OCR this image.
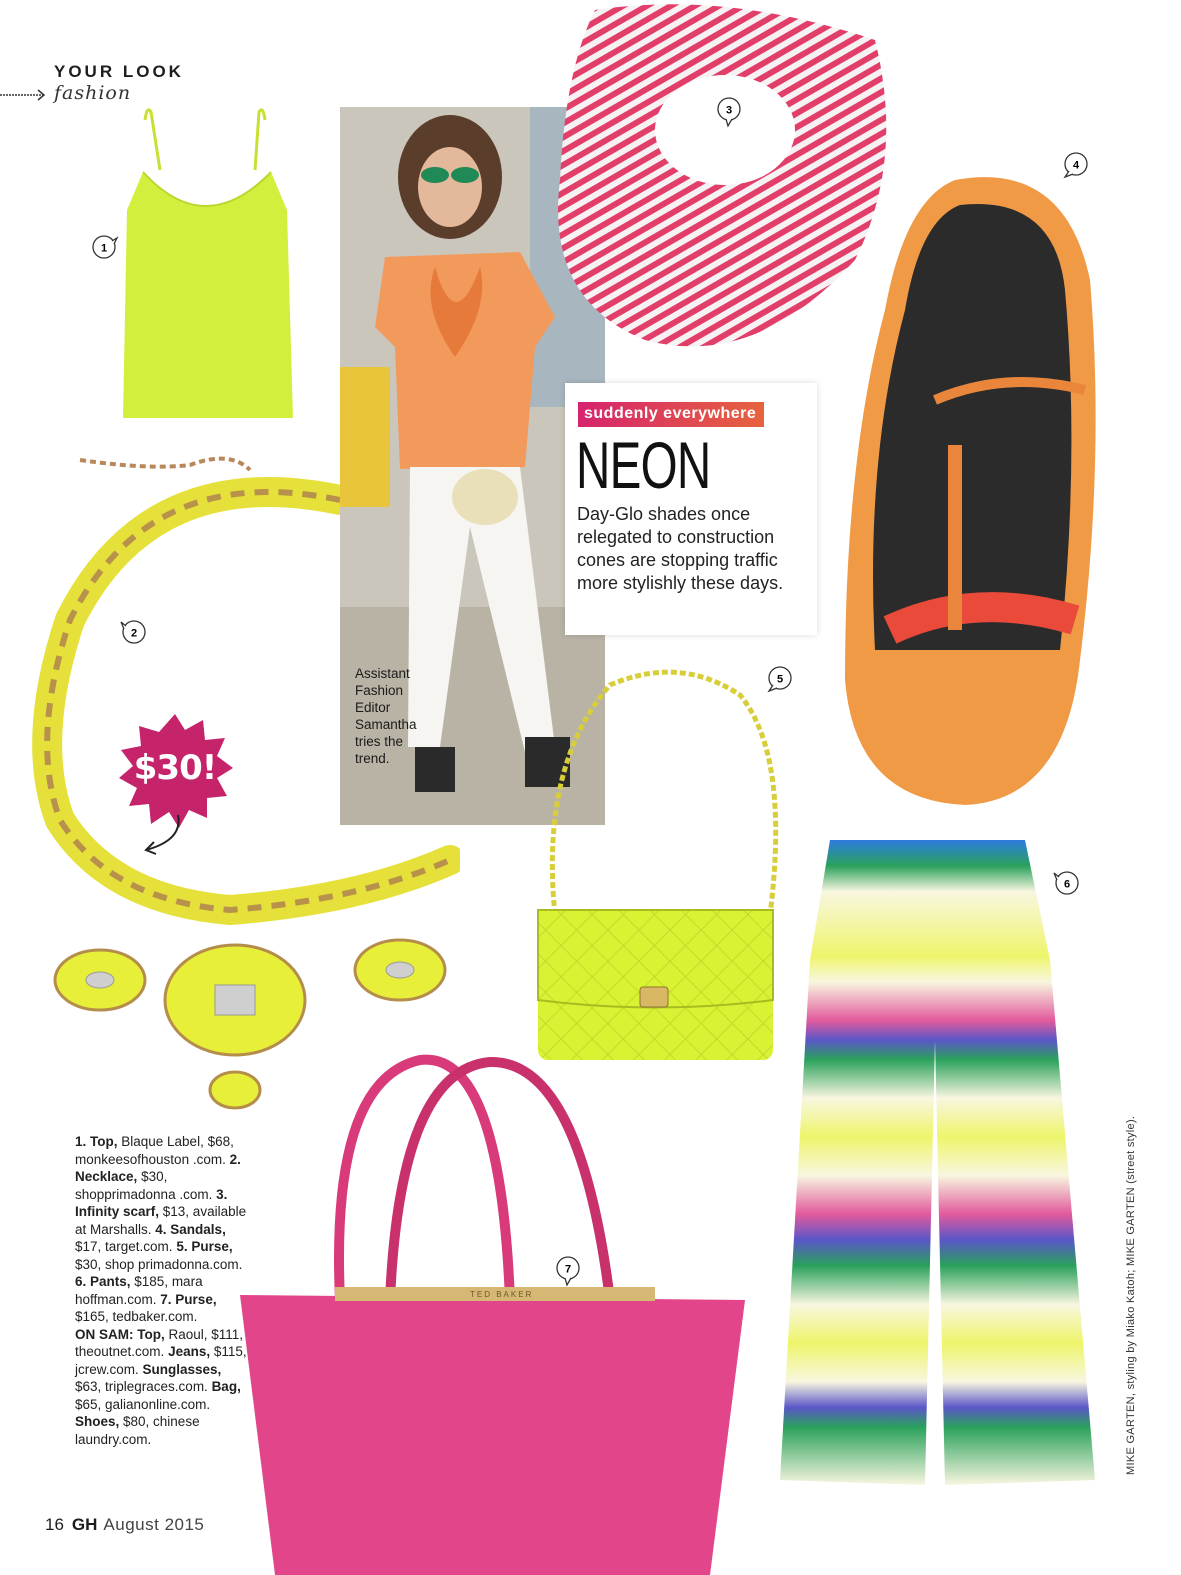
YOUR LOOK
fashion
$30!
Assistant Fashion Editor Samantha tries the trend.
suddenly everywhere
NEON
Day-Glo shades once relegated to construction cones are stopping traffic more stylishly these days.
TED BAKER
1
2
3
4
5
6
7
1. Top, Blaque Label, $68, monkeesofhouston .com. 2. Necklace, $30, shopprimadonna .com. 3. Infinity scarf, $13, available at Marshalls. 4. Sandals, $17, target.com. 5. Purse, $30, shop primadonna.com. 6. Pants, $185, mara hoffman.com. 7. Purse, $165, tedbaker.com.
ON SAM: Top, Raoul, $111, theoutnet.com. Jeans, $115, jcrew.com. Sunglasses, $63, triplegraces.com. Bag, $65, galianonline.com. Shoes, $80, chinese laundry.com.
16 GH August 2015
MIKE GARTEN, styling by Miako Katoh; MIKE GARTEN (street style).
